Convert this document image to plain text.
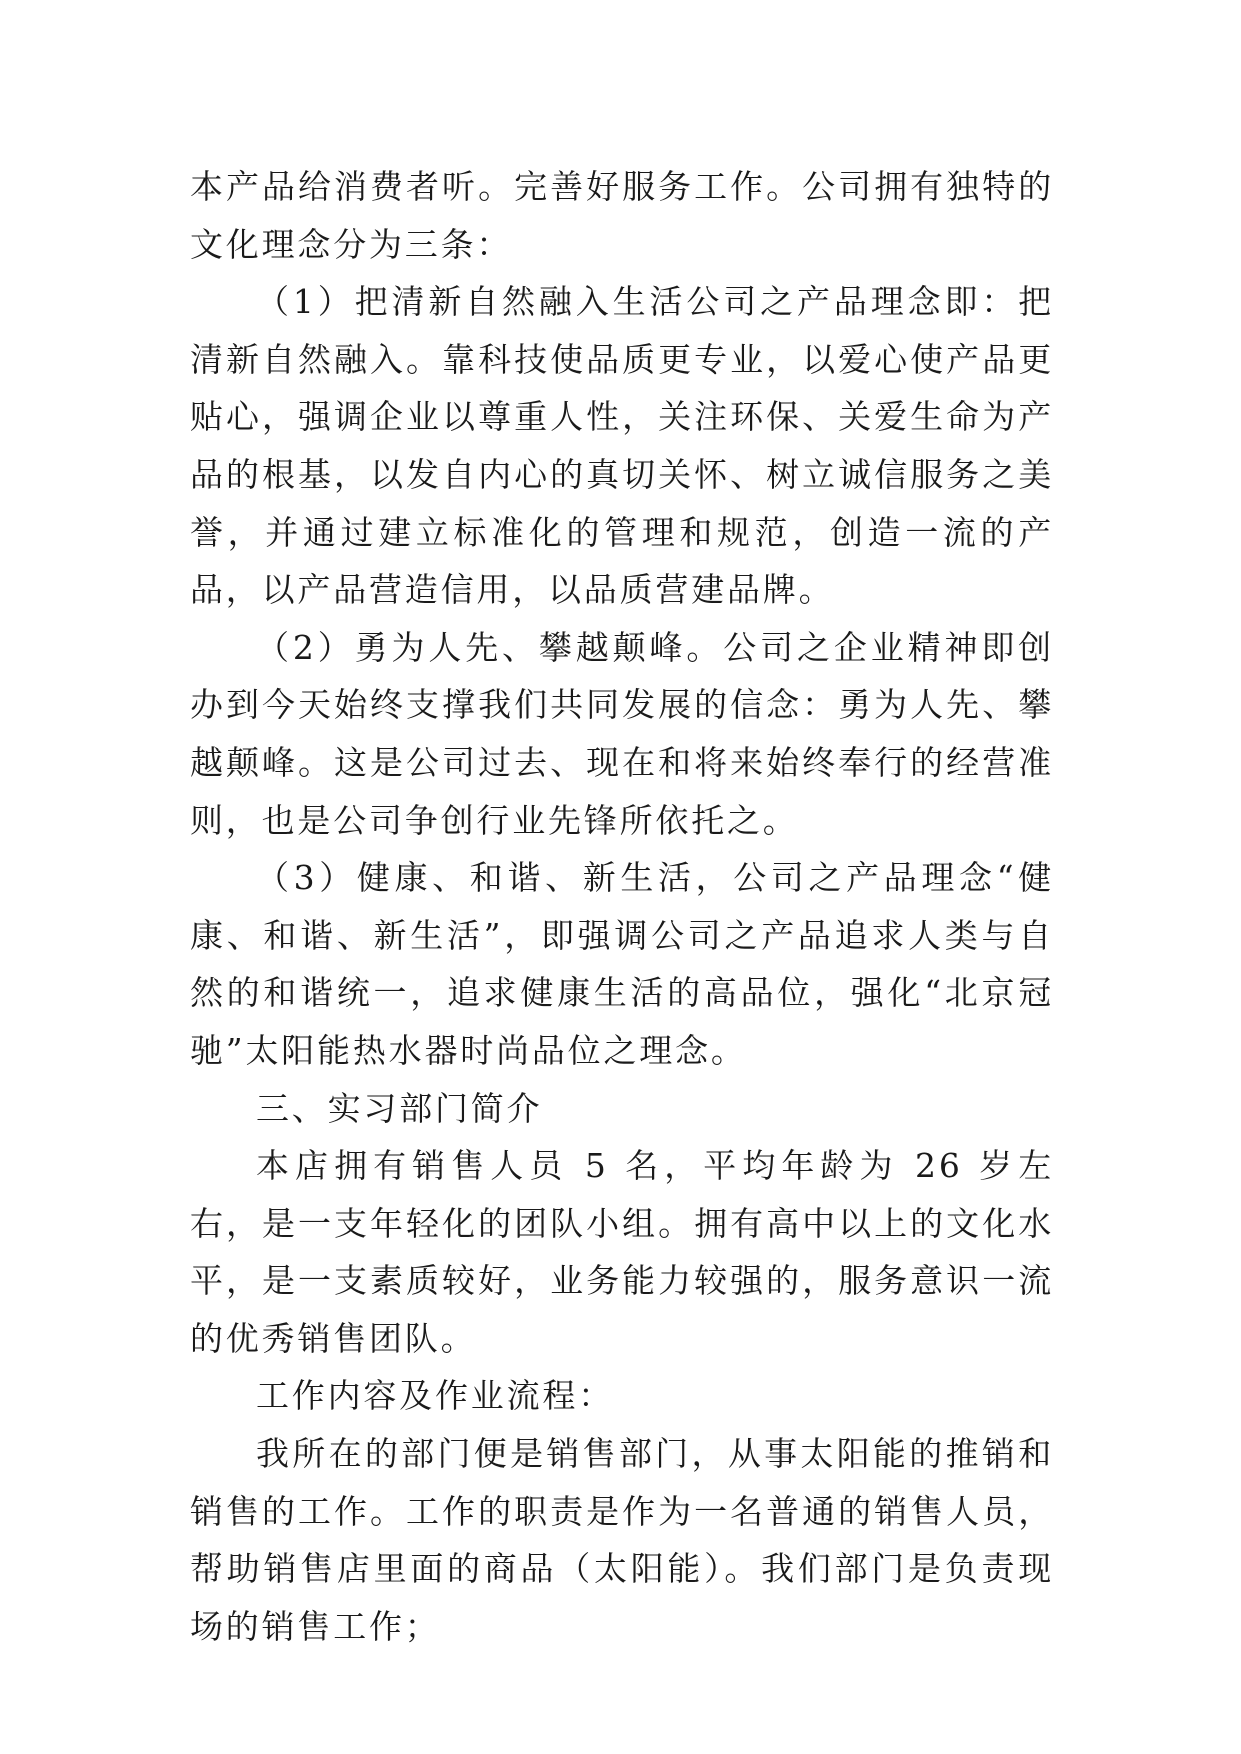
本产品给消费者听。完善好服务工作。公司拥有独特的文化理念分为三条：

（1）把清新自然融入生活公司之产品理念即：把清新自然融入。靠科技使品质更专业，以爱心使产品更贴心，强调企业以尊重人性，关注环保、关爱生命为产品的根基，以发自内心的真切关怀、树立诚信服务之美誉，并通过建立标准化的管理和规范，创造一流的产品，以产品营造信用，以品质营建品牌。

（2）勇为人先、攀越颠峰。公司之企业精神即创办到今天始终支撑我们共同发展的信念：勇为人先、攀越颠峰。这是公司过去、现在和将来始终奉行的经营准则，也是公司争创行业先锋所依托之。

（3）健康、和谐、新生活，公司之产品理念“健康、和谐、新生活”，即强调公司之产品追求人类与自然的和谐统一，追求健康生活的高品位，强化“北京冠驰”太阳能热水器时尚品位之理念。

三、实习部门简介

本店拥有销售人员 5 名，平均年龄为 26 岁左右，是一支年轻化的团队小组。拥有高中以上的文化水平，是一支素质较好，业务能力较强的，服务意识一流的优秀销售团队。

工作内容及作业流程：

我所在的部门便是销售部门，从事太阳能的推销和销售的工作。工作的职责是作为一名普通的销售人员，帮助销售店里面的商品（太阳能）。我们部门是负责现场的销售工作；
